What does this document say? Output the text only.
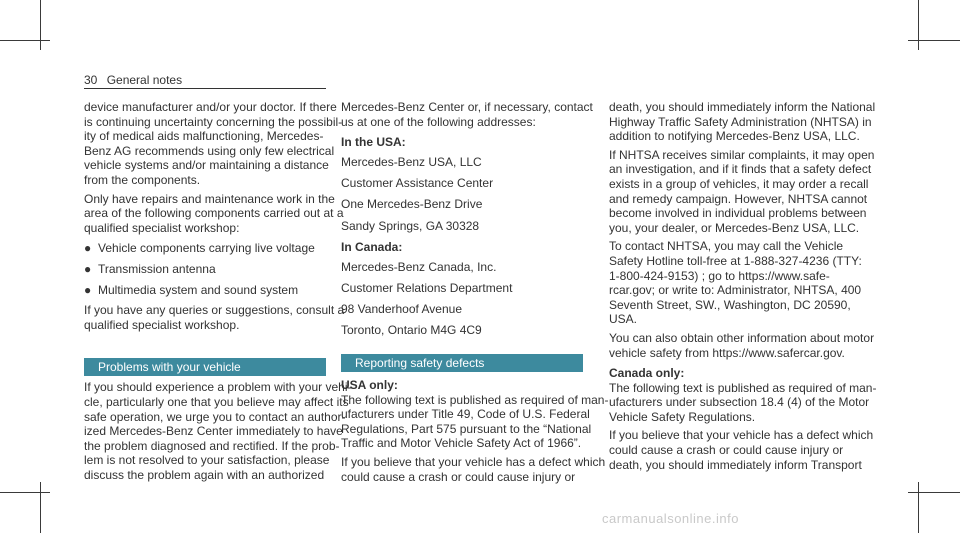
30 General notes

device manufacturer and/or your doctor. If there
is continuing uncertainty concerning the possibil-
ity of medical aids malfunctioning, Mercedes-
Benz AG recommends using only few electrical
vehicle systems and/or maintaining a distance
from the components.

Only have repairs and maintenance work in the
area of the following components carried out at a
qualified specialist workshop:

● Vehicle components carrying live voltage
● Transmission antenna
● Multimedia system and sound system

If you have any queries or suggestions, consult a
qualified specialist workshop.

Problems with your vehicle

If you should experience a problem with your vehi-
cle, particularly one that you believe may affect its
safe operation, we urge you to contact an author-
ized Mercedes-Benz Center immediately to have
the problem diagnosed and rectified. If the prob-
lem is not resolved to your satisfaction, please
discuss the problem again with an authorized

Mercedes-Benz Center or, if necessary, contact
us at one of the following addresses:

In the USA:
Mercedes-Benz USA, LLC
Customer Assistance Center
One Mercedes-Benz Drive
Sandy Springs, GA 30328
In Canada:
Mercedes-Benz Canada, Inc.
Customer Relations Department
98 Vanderhoof Avenue
Toronto, Ontario M4G 4C9
Reporting safety defects
USA only:

The following text is published as required of man-
ufacturers under Title 49, Code of U.S. Federal
Regulations, Part 575 pursuant to the “National
Traffic and Motor Vehicle Safety Act of 1966”.

If you believe that your vehicle has a defect which
could cause a crash or could cause injury or

death, you should immediately inform the National
Highway Traffic Safety Administration (NHTSA) in
addition to notifying Mercedes-Benz USA, LLC.

If NHTSA receives similar complaints, it may open
an investigation, and if it finds that a safety defect
exists in a group of vehicles, it may order a recall
and remedy campaign. However, NHTSA cannot
become involved in individual problems between
you, your dealer, or Mercedes-Benz USA, LLC.

To contact NHTSA, you may call the Vehicle
Safety Hotline toll-free at 1-888-327-4236 (TTY:
1-800-424-9153) ; go to https://www.safe-
rcar.gov; or write to: Administrator, NHTSA, 400
Seventh Street, SW., Washington, DC 20590,
USA.

You can also obtain other information about motor
vehicle safety from https://www.safercar.gov.

Canada only:

The following text is published as required of man-
ufacturers under subsection 18.4 (4) of the Motor
Vehicle Safety Regulations.

If you believe that your vehicle has a defect which
could cause a crash or could cause injury or
death, you should immediately inform Transport

carmanualsonline.info
